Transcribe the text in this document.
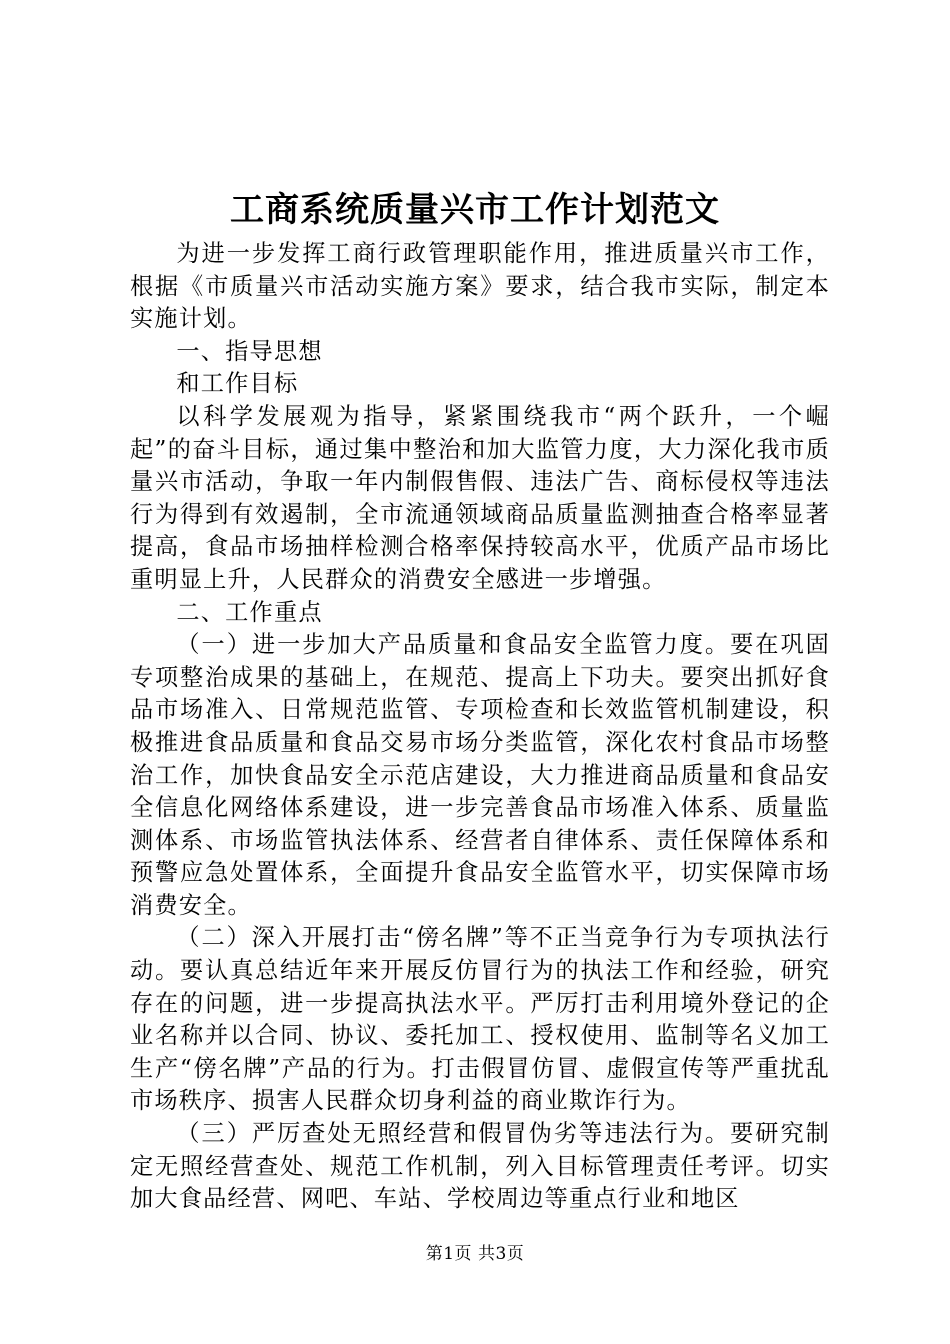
工商系统质量兴市工作计划范文

为进一步发挥工商行政管理职能作用，推进质量兴市工作，根据《市质量兴市活动实施方案》要求，结合我市实际，制定本实施计划。

一、指导思想

和工作目标

以科学发展观为指导，紧紧围绕我市“两个跃升，一个崛起”的奋斗目标，通过集中整治和加大监管力度，大力深化我市质量兴市活动，争取一年内制假售假、违法广告、商标侵权等违法行为得到有效遏制，全市流通领域商品质量监测抽查合格率显著提高，食品市场抽样检测合格率保持较高水平，优质产品市场比重明显上升，人民群众的消费安全感进一步增强。

二、工作重点

（一）进一步加大产品质量和食品安全监管力度。要在巩固专项整治成果的基础上，在规范、提高上下功夫。要突出抓好食品市场准入、日常规范监管、专项检查和长效监管机制建设，积极推进食品质量和食品交易市场分类监管，深化农村食品市场整治工作，加快食品安全示范店建设，大力推进商品质量和食品安全信息化网络体系建设，进一步完善食品市场准入体系、质量监测体系、市场监管执法体系、经营者自律体系、责任保障体系和预警应急处置体系，全面提升食品安全监管水平，切实保障市场消费安全。

（二）深入开展打击“傍名牌”等不正当竞争行为专项执法行动。要认真总结近年来开展反仿冒行为的执法工作和经验，研究存在的问题，进一步提高执法水平。严厉打击利用境外登记的企业名称并以合同、协议、委托加工、授权使用、监制等名义加工生产“傍名牌”产品的行为。打击假冒仿冒、虚假宣传等严重扰乱市场秩序、损害人民群众切身利益的商业欺诈行为。

（三）严厉查处无照经营和假冒伪劣等违法行为。要研究制定无照经营查处、规范工作机制，列入目标管理责任考评。切实加大食品经营、网吧、车站、学校周边等重点行业和地区

第1页 共3页
